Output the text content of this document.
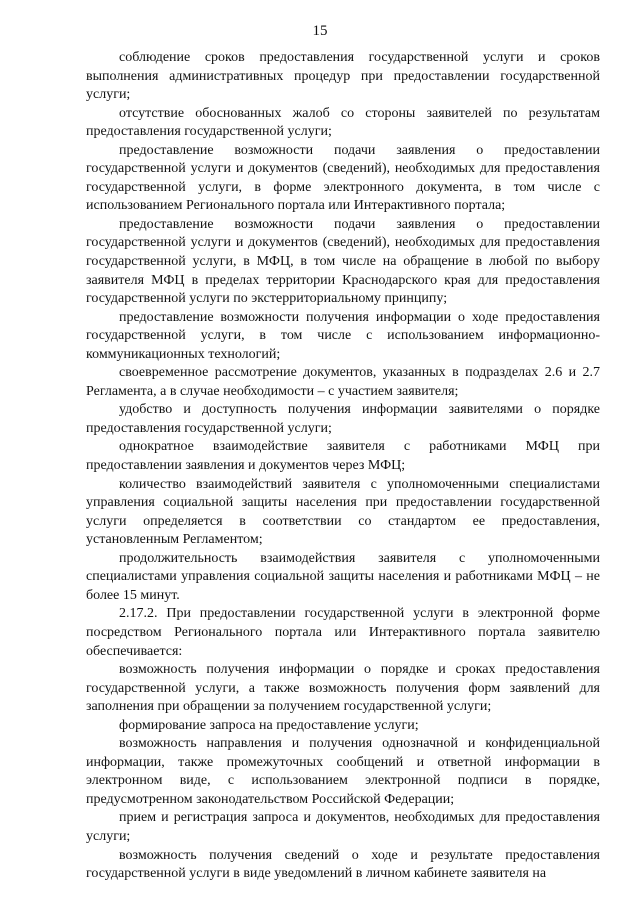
15

соблюдение сроков предоставления государственной услуги и сроков выполнения административных процедур при предоставлении государственной услуги;

отсутствие обоснованных жалоб со стороны заявителей по результатам предоставления государственной услуги;

предоставление возможности подачи заявления о предоставлении государственной услуги и документов (сведений), необходимых для предоставления государственной услуги, в форме электронного документа, в том числе с использованием Регионального портала или Интерактивного портала;

предоставление возможности подачи заявления о предоставлении государственной услуги и документов (сведений), необходимых для предоставления государственной услуги, в МФЦ, в том числе на обращение в любой по выбору заявителя МФЦ в пределах территории Краснодарского края для предоставления государственной услуги по экстерриториальному принципу;

предоставление возможности получения информации о ходе предоставления государственной услуги, в том числе с использованием информационно-коммуникационных технологий;

своевременное рассмотрение документов, указанных в подразделах 2.6 и 2.7 Регламента, а в случае необходимости – с участием заявителя;

удобство и доступность получения информации заявителями о порядке предоставления государственной услуги;

однократное взаимодействие заявителя с работниками МФЦ при предоставлении заявления и документов через МФЦ;

количество взаимодействий заявителя с уполномоченными специалистами управления социальной защиты населения при предоставлении государственной услуги определяется в соответствии со стандартом ее предоставления, установленным Регламентом;

продолжительность взаимодействия заявителя с уполномоченными специалистами управления социальной защиты населения и работниками МФЦ – не более 15 минут.

2.17.2. При предоставлении государственной услуги в электронной форме посредством Регионального портала или Интерактивного портала заявителю обеспечивается:

возможность получения информации о порядке и сроках предоставления государственной услуги, а также возможность получения форм заявлений для заполнения при обращении за получением государственной услуги;

формирование запроса на предоставление услуги;

возможность направления и получения однозначной и конфиденциальной информации, также промежуточных сообщений и ответной информации в электронном виде, с использованием электронной подписи в порядке, предусмотренном законодательством Российской Федерации;

прием и регистрация запроса и документов, необходимых для предоставления услуги;

возможность получения сведений о ходе и результате предоставления государственной услуги в виде уведомлений в личном кабинете заявителя на
